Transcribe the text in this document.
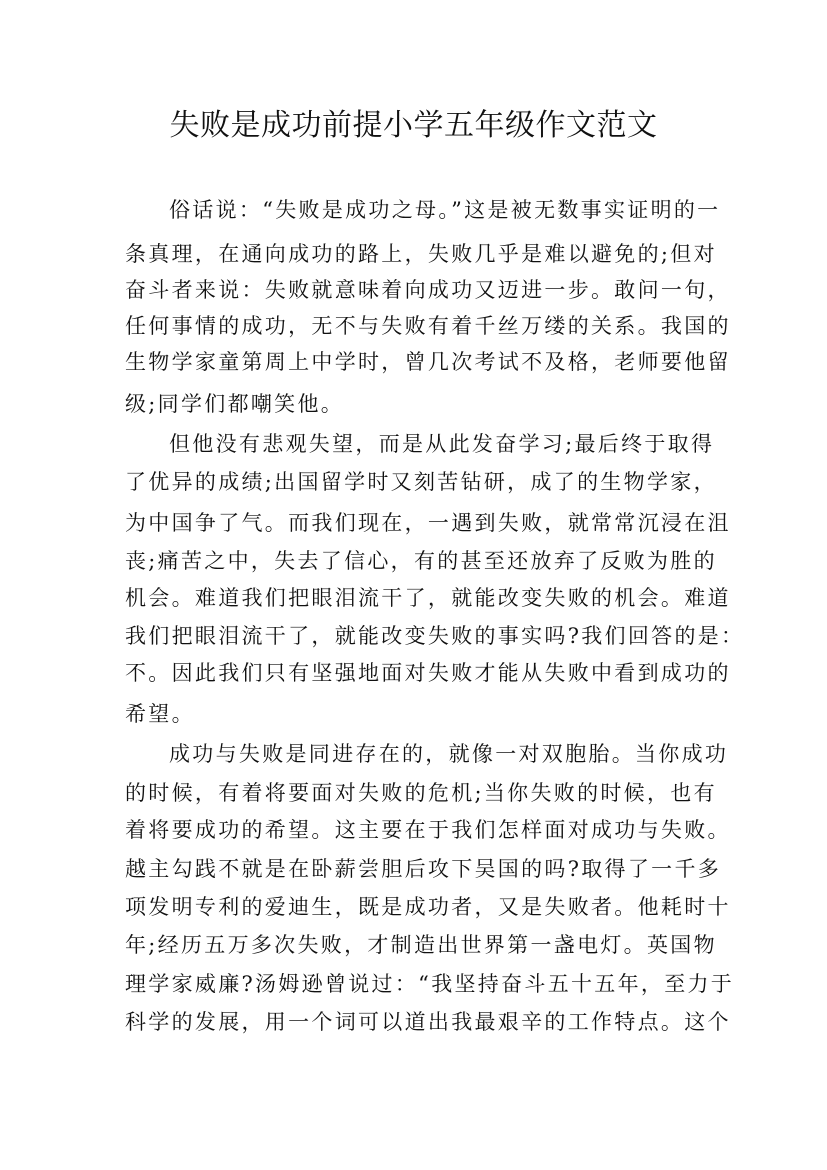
失败是成功前提小学五年级作文范文
俗话说：“失败是成功之母。”这是被无数事实证明的一
条真理，在通向成功的路上，失败几乎是难以避免的;但对
奋斗者来说：失败就意味着向成功又迈进一步。敢问一句，
任何事情的成功，无不与失败有着千丝万缕的关系。我国的
生物学家童第周上中学时，曾几次考试不及格，老师要他留
级;同学们都嘲笑他。
但他没有悲观失望，而是从此发奋学习;最后终于取得
了优异的成绩;出国留学时又刻苦钻研，成了的生物学家，
为中国争了气。而我们现在，一遇到失败，就常常沉浸在沮
丧;痛苦之中，失去了信心，有的甚至还放弃了反败为胜的
机会。难道我们把眼泪流干了，就能改变失败的机会。难道
我们把眼泪流干了，就能改变失败的事实吗?我们回答的是：
不。因此我们只有坚强地面对失败才能从失败中看到成功的
希望。
成功与失败是同进存在的，就像一对双胞胎。当你成功
的时候，有着将要面对失败的危机;当你失败的时候，也有
着将要成功的希望。这主要在于我们怎样面对成功与失败。
越主勾践不就是在卧薪尝胆后攻下吴国的吗?取得了一千多
项发明专利的爱迪生，既是成功者，又是失败者。他耗时十
年;经历五万多次失败，才制造出世界第一盏电灯。英国物
理学家威廉?汤姆逊曾说过：“我坚持奋斗五十五年，至力于
科学的发展，用一个词可以道出我最艰辛的工作特点。这个
